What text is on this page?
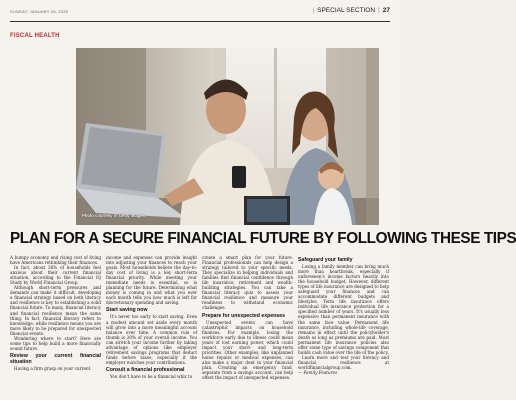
SUNDAY, JANUARY 26, 2025	| SPECIAL SECTION | 27
FISCAL HEALTH
Photo courtesy of Getty Images
PLAN FOR A SECURE FINANCIAL FUTURE BY FOLLOWING THESE TIPS

A bumpy economy and rising cost of living have Americans rethinking their finances.

In fact, about 36% of households feel anxious about their current financial situation, according to the Financial IQ Study by World Financial Group.

Although short-term pressures and demands can make it difficult, developing a financial strategy based on both literacy and resilience is key to establishing a solid financial future. To many, financial literacy and financial resilience mean the same thing. In fact, financial literacy refers to knowledge, while resilience means you are more likely to be prepared for unexpected financial events.

Wondering where to start? Here are some tips to help build a more financially sound future.

Review your current financial situation

Having a firm grasp on your current

income and expenses can provide insight into adjusting your finances to reach your goals. Most households believe the day-to-day cost of living is a key short-term financial priority. While meeting your immediate needs is essential, so is planning for the future. Determining what money is coming in and what you ever each month tells you how much is left for discretionary spending and saving.

Start saving now

It's never too early to start saving. Even a modest amount set aside every month will grow into a more meaningful account balance over time. A common rule of thumb is 20% of your overall income. You can stretch your income further by taking advantage of options like employer retirement savings programs that deduct funds before taxes, especially if the employer matches your contributions.

Consult a financial professional

You don't have to be a financial whiz to

create a smart plan for your future. Financial professionals can help design a strategy tailored to your specific needs. They specialize in helping individuals and families find financial confidence through life insurance, retirement and wealth-building strategies. You can take a financial literacy quiz to assess your financial resilience and measure your readiness to withstand economic challenges.

Prepare for unexpected expenses

Unexpected events can have catastrophic impacts on household finances. For example, losing the workforce early due to illness could mean years of lost earning power, which could impact your short- and long-term priorities. Other examples, like unplanned home repairs or medical expenses, can also make a major dent in your financial plan. Creating an emergency fund, separate from a savings account, can help offset the impact of unexpected expenses.

Safeguard your family

Losing a family member can bring much more than heartbreak, especially if unforeseen's income factors heavily into the household budget. However, different types of life insurance are designed to help safeguard your finances and can accommodate different budgets and lifestyles. Term life insurance offers individual life insurance protection for a specified number of years. It's usually less expensive than permanent insurance with the same face value. Permanent life insurance, including whole-life coverage, remains in effect until the policyholder's death as long as premiums are paid. Most permanent life insurance policies also offer some type of savings component that builds cash value over the life of the policy.

Learn more and test your literacy and financial resilience at worldfinancialgroup.com.

— Family Features
